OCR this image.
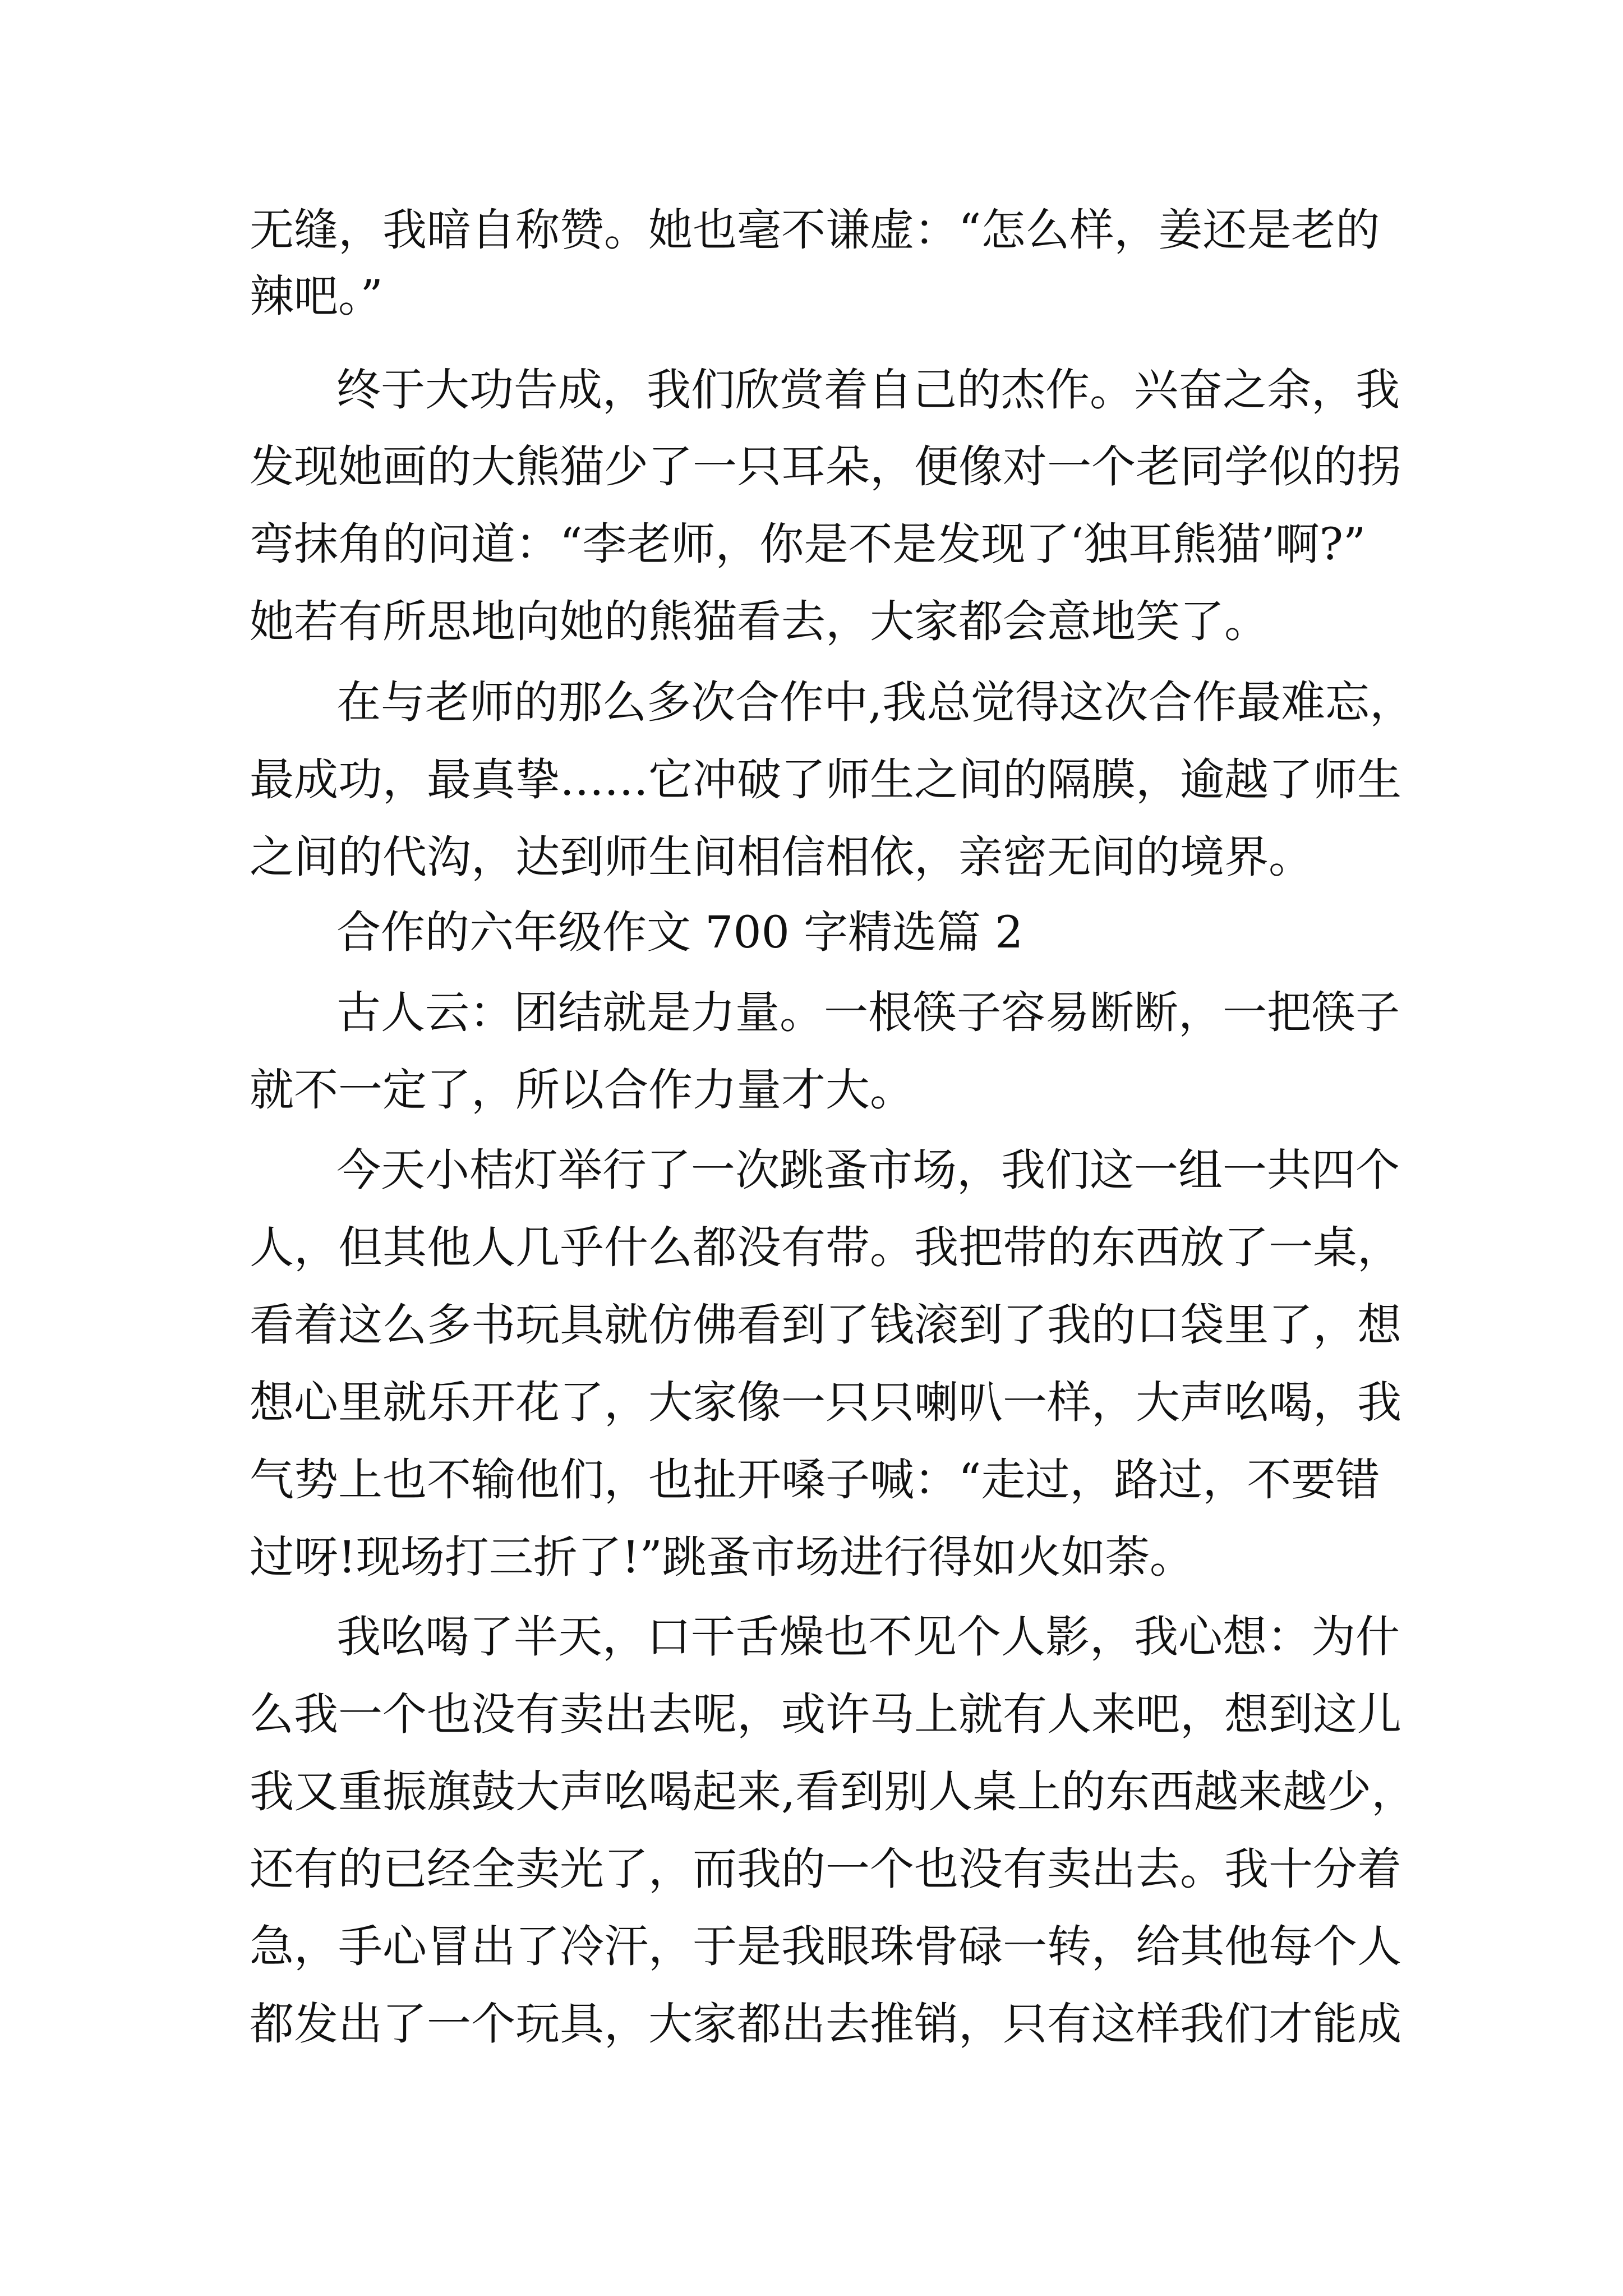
无缝，我暗自称赞。她也毫不谦虚：“怎么样，姜还是老的

辣吧。”

终于大功告成，我们欣赏着自己的杰作。兴奋之余，我

发现她画的大熊猫少了一只耳朵，便像对一个老同学似的拐

弯抹角的问道：“李老师，你是不是发现了‘独耳熊猫’啊?”

她若有所思地向她的熊猫看去，大家都会意地笑了。

在与老师的那么多次合作中,我总觉得这次合作最难忘，

最成功，最真挚……它冲破了师生之间的隔膜，逾越了师生

之间的代沟，达到师生间相信相依，亲密无间的境界。

合作的六年级作文 700 字精选篇 2

古人云：团结就是力量。一根筷子容易断断，一把筷子

就不一定了，所以合作力量才大。

今天小桔灯举行了一次跳蚤市场，我们这一组一共四个

人，但其他人几乎什么都没有带。我把带的东西放了一桌，

看着这么多书玩具就仿佛看到了钱滚到了我的口袋里了，想

想心里就乐开花了，大家像一只只喇叭一样，大声吆喝，我

气势上也不输他们，也扯开嗓子喊：“走过，路过，不要错

过呀!现场打三折了!”跳蚤市场进行得如火如荼。

我吆喝了半天，口干舌燥也不见个人影，我心想：为什

么我一个也没有卖出去呢，或许马上就有人来吧，想到这儿

我又重振旗鼓大声吆喝起来,看到别人桌上的东西越来越少，

还有的已经全卖光了，而我的一个也没有卖出去。我十分着

急，手心冒出了冷汗，于是我眼珠骨碌一转，给其他每个人

都发出了一个玩具，大家都出去推销，只有这样我们才能成
